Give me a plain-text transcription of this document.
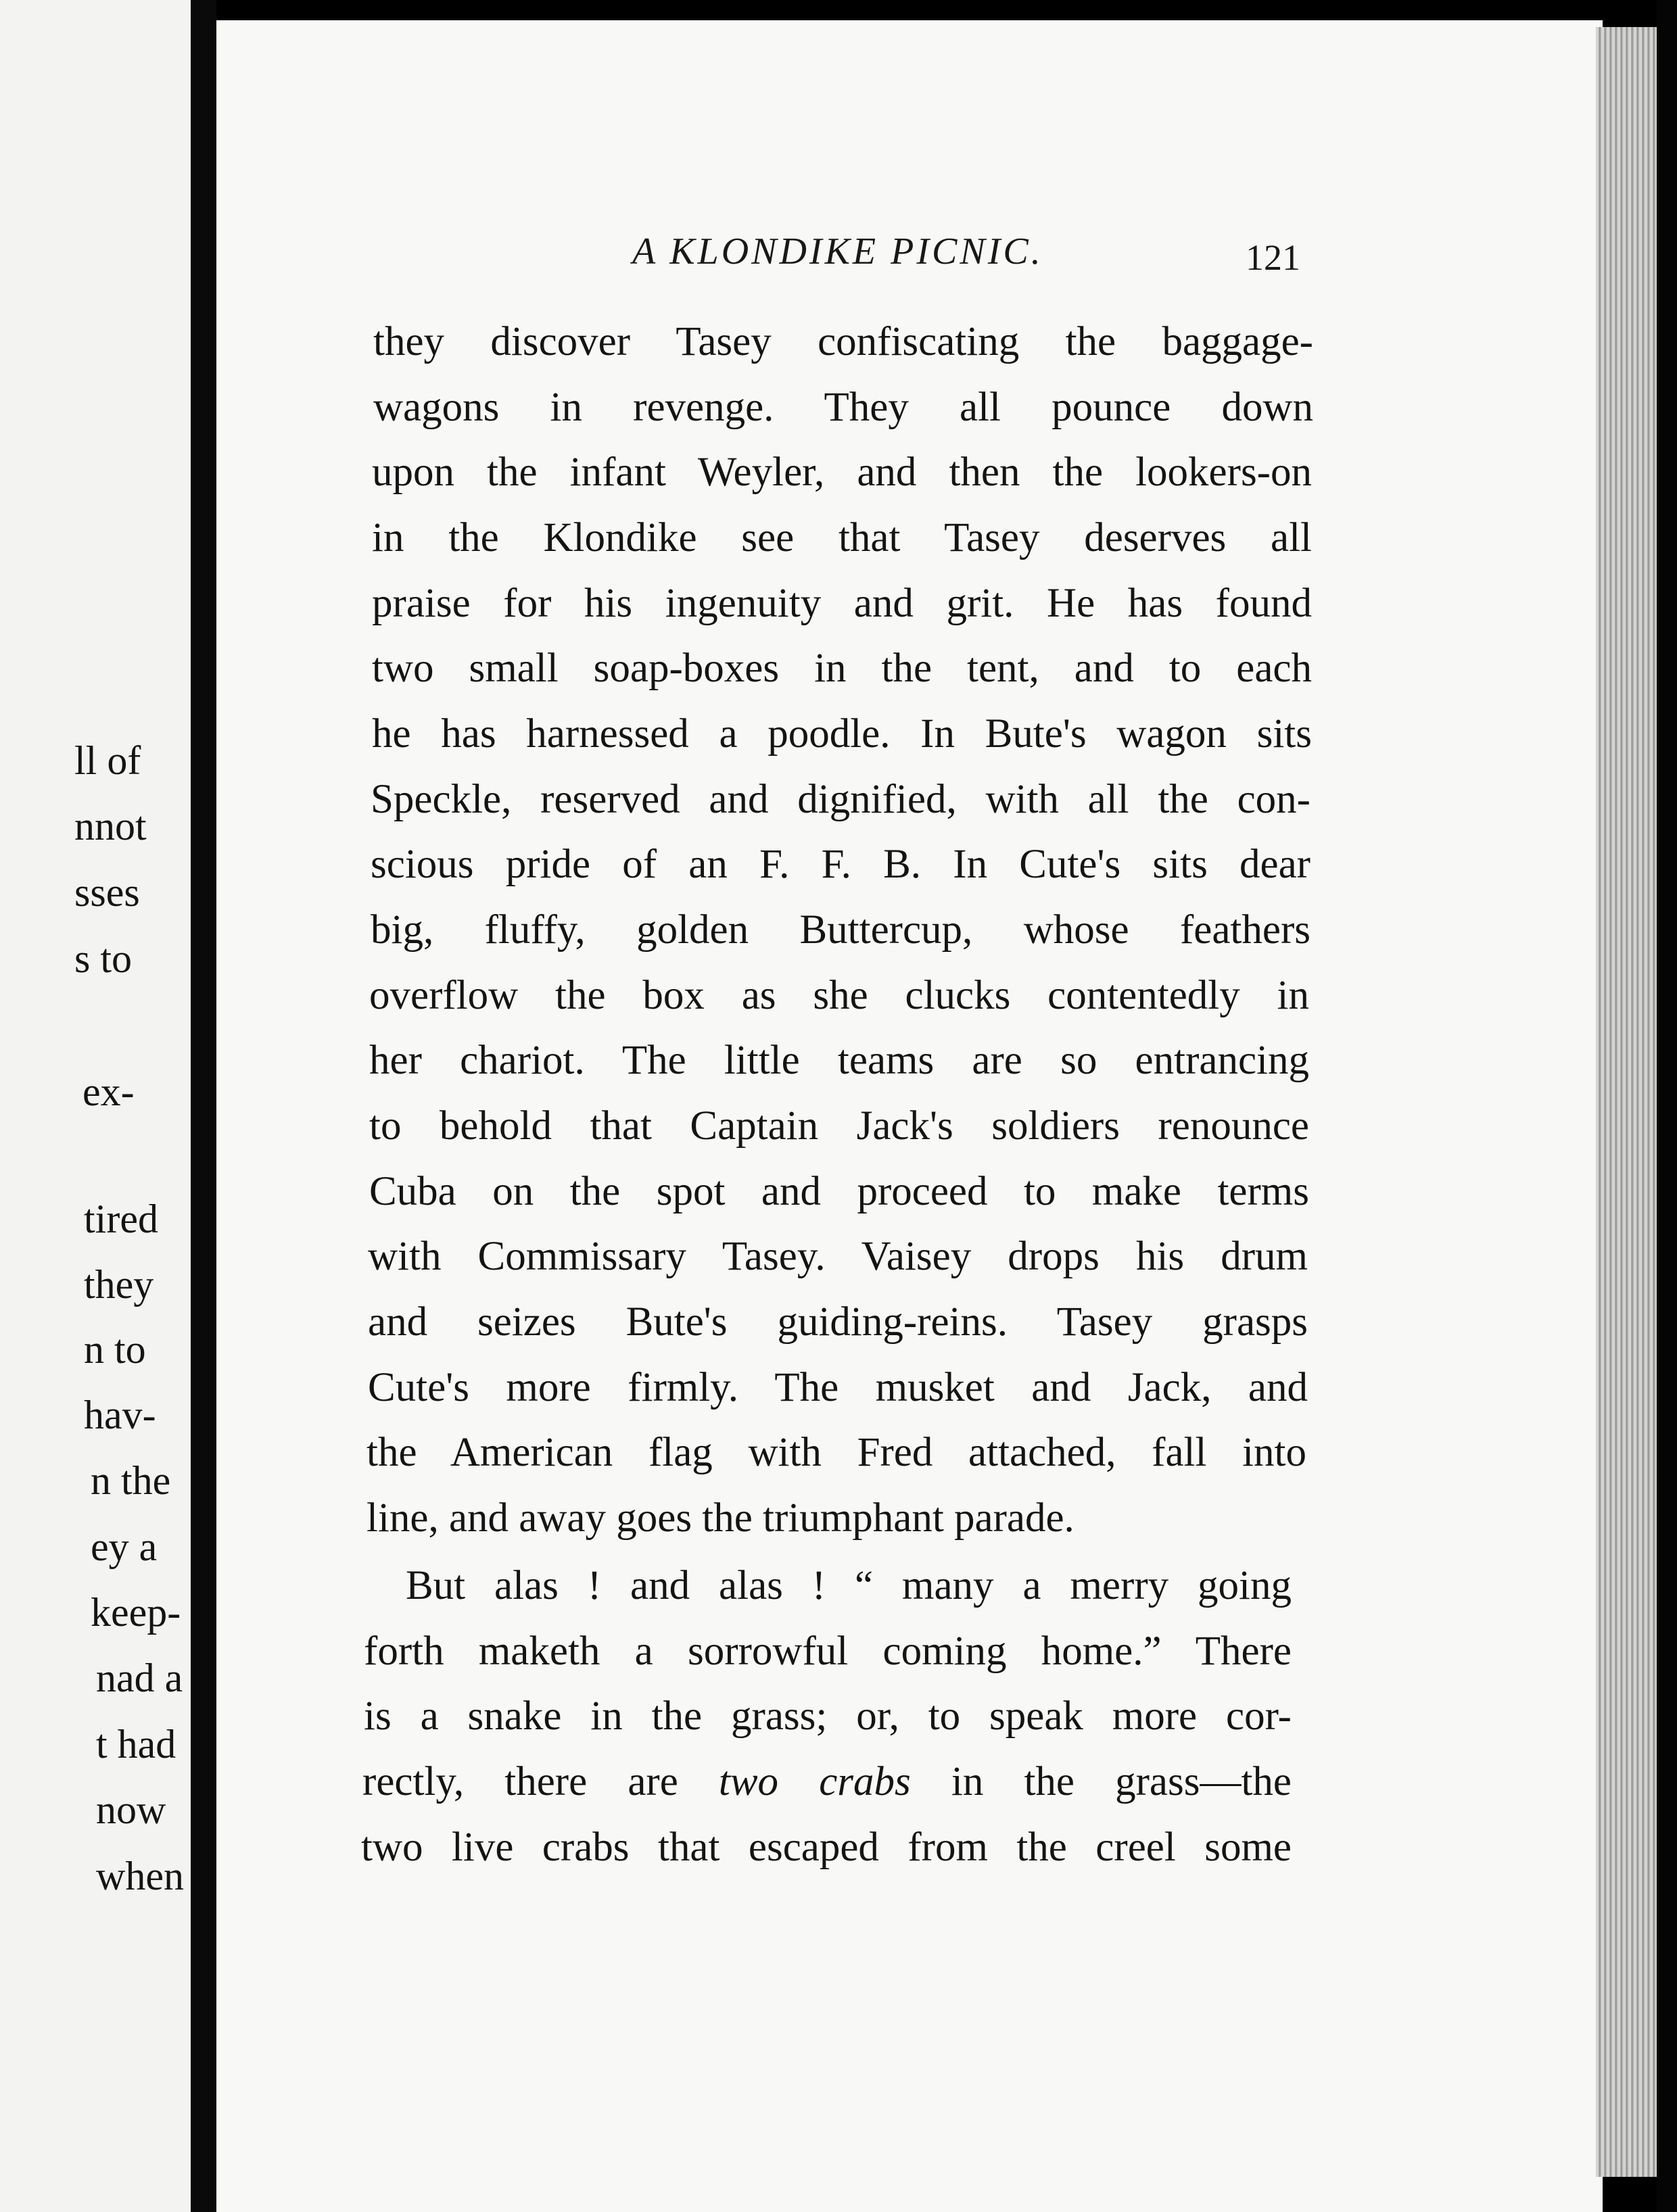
ll of
nnot
sses
s to
ex-
tired
they
n to
hav-
n the
ey a
keep-
nad a
t had
now
when
A KLONDIKE PICNIC.	121
they discover Tasey confiscating the baggage-
wagons in revenge. They all pounce down
upon the infant Weyler, and then the lookers-on
in the Klondike see that Tasey deserves all
praise for his ingenuity and grit. He has found
two small soap-boxes in the tent, and to each
he has harnessed a poodle. In Bute's wagon sits
Speckle, reserved and dignified, with all the con-
scious pride of an F. F. B. In Cute's sits dear
big, fluffy, golden Buttercup, whose feathers
overflow the box as she clucks contentedly in
her chariot. The little teams are so entrancing
to behold that Captain Jack's soldiers renounce
Cuba on the spot and proceed to make terms
with Commissary Tasey. Vaisey drops his drum
and seizes Bute's guiding-reins. Tasey grasps
Cute's more firmly. The musket and Jack, and
the American flag with Fred attached, fall into
line, and away goes the triumphant parade.
But alas ! and alas ! “ many a merry going
forth maketh a sorrowful coming home.” There
is a snake in the grass; or, to speak more cor-
rectly, there are two crabs in the grass—the
two live crabs that escaped from the creel some
